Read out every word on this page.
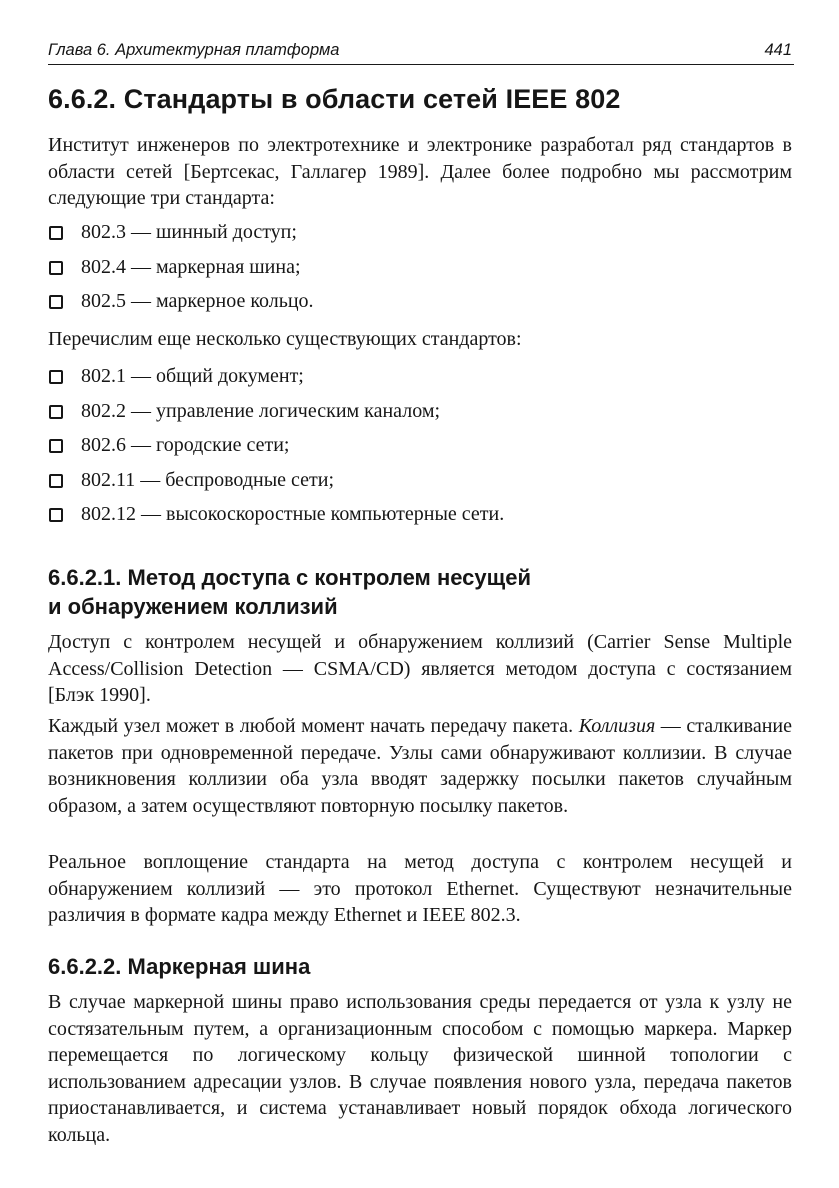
Глава 6. Архитектурная платформа	441
6.6.2. Стандарты в области сетей IEEE 802

Институт инженеров по электротехнике и электронике разработал ряд стандартов в области сетей [Бертсекас, Галлагер 1989]. Далее более подробно мы рассмотрим следующие три стандарта:

802.3 — шинный доступ;
802.4 — маркерная шина;
802.5 — маркерное кольцо.

Перечислим еще несколько существующих стандартов:

802.1 — общий документ;
802.2 — управление логическим каналом;
802.6 — городские сети;
802.11 — беспроводные сети;
802.12 — высокоскоростные компьютерные сети.
6.6.2.1. Метод доступа с контролем несущей
и обнаружением коллизий

Доступ с контролем несущей и обнаружением коллизий (Carrier Sense Multiple Access/Collision Detection — CSMA/CD) является методом доступа с состязанием [Блэк 1990].

Каждый узел может в любой момент начать передачу пакета. Коллизия — сталкивание пакетов при одновременной передаче. Узлы сами обнаруживают коллизии. В случае возникновения коллизии оба узла вводят задержку посылки пакетов случайным образом, а затем осуществляют повторную посылку пакетов.

Реальное воплощение стандарта на метод доступа с контролем несущей и обнаружением коллизий — это протокол Ethernet. Существуют незначительные различия в формате кадра между Ethernet и IEEE 802.3.

6.6.2.2. Маркерная шина

В случае маркерной шины право использования среды передается от узла к узлу не состязательным путем, а организационным способом с помощью маркера. Маркер перемещается по логическому кольцу физической шинной топологии с использованием адресации узлов. В случае появления нового узла, передача пакетов приостанавливается, и система устанавливает новый порядок обхода логического кольца.
